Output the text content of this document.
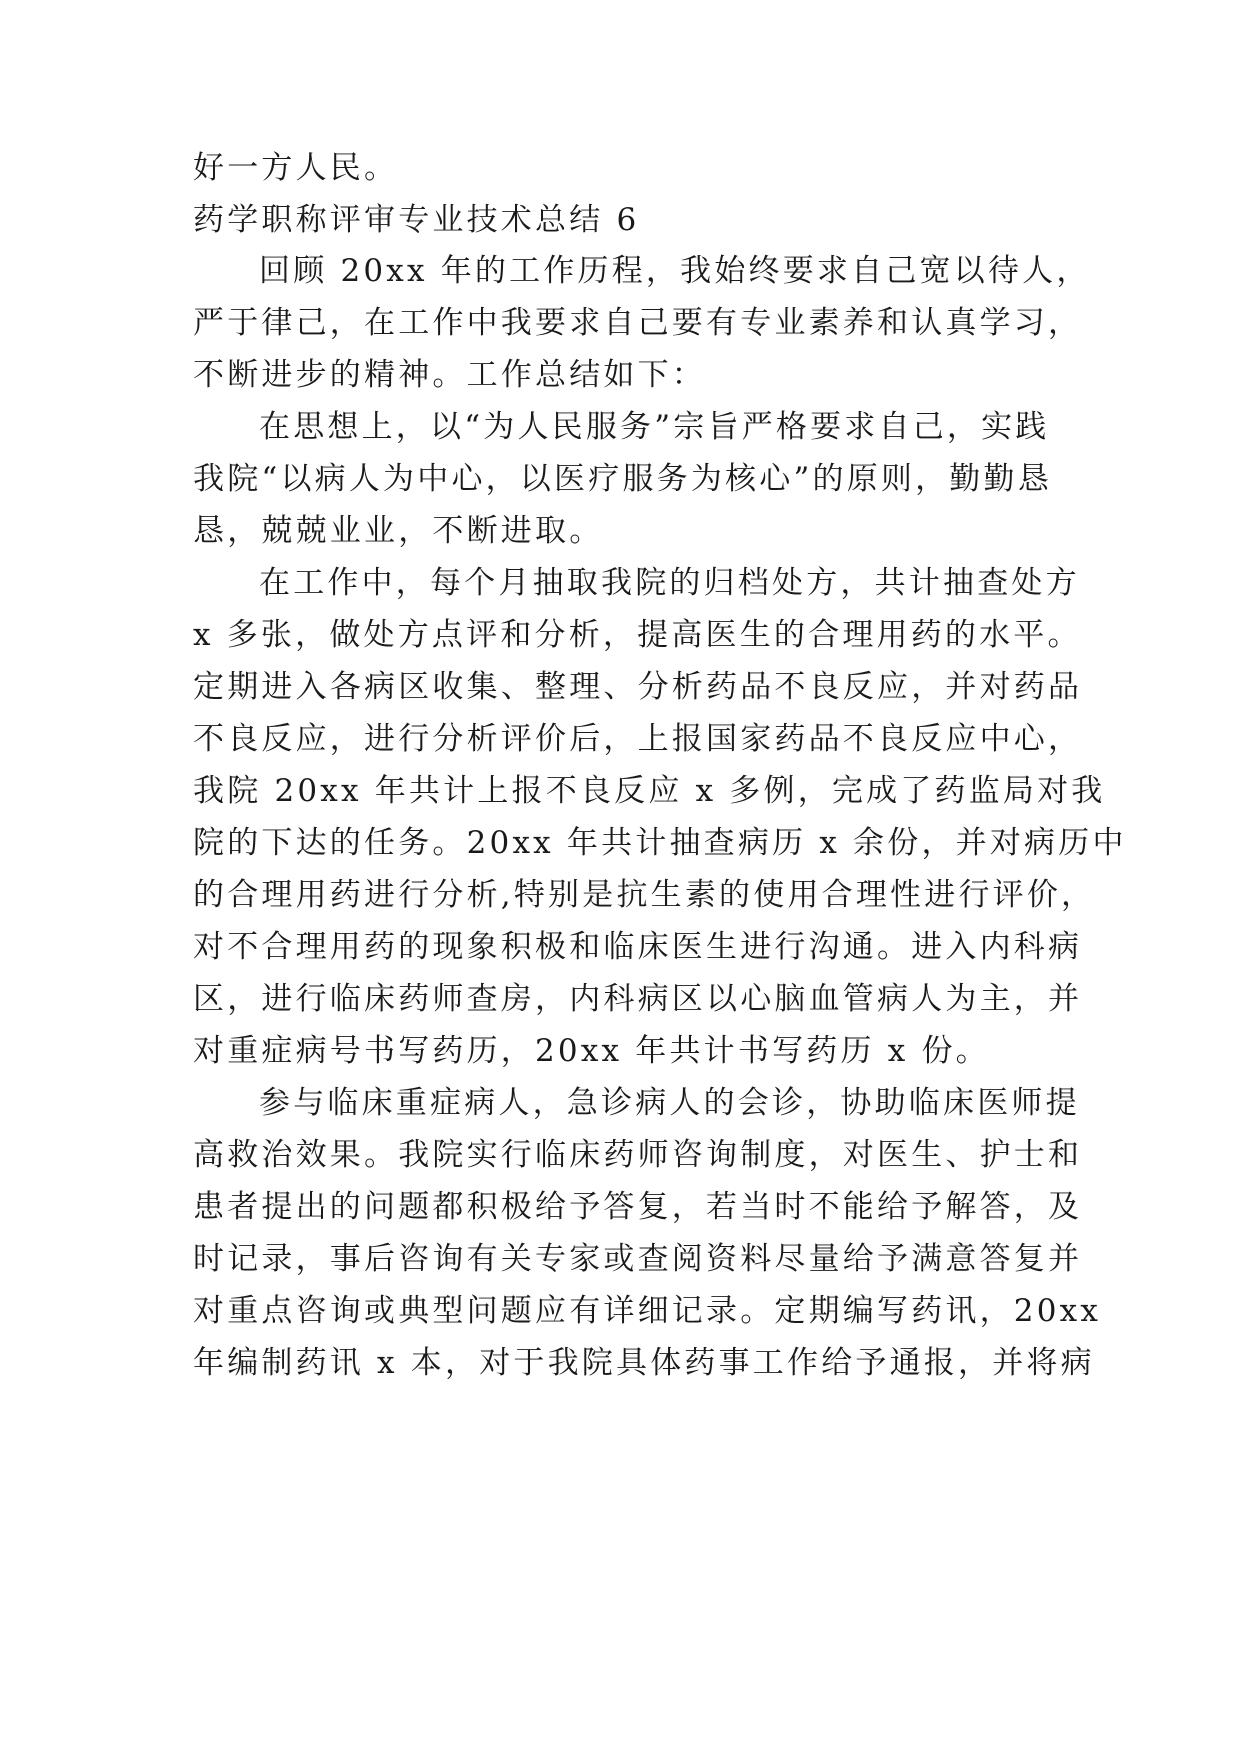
好一方人民。

药学职称评审专业技术总结 6

回顾 20xx 年的工作历程，我始终要求自己宽以待人，

严于律己，在工作中我要求自己要有专业素养和认真学习，

不断进步的精神。工作总结如下：

在思想上，以“为人民服务”宗旨严格要求自己，实践

我院“以病人为中心，以医疗服务为核心”的原则，勤勤恳

恳，兢兢业业，不断进取。

在工作中，每个月抽取我院的归档处方，共计抽查处方

x 多张，做处方点评和分析，提高医生的合理用药的水平。

定期进入各病区收集、整理、分析药品不良反应，并对药品

不良反应，进行分析评价后，上报国家药品不良反应中心，

我院 20xx 年共计上报不良反应 x 多例，完成了药监局对我

院的下达的任务。20xx 年共计抽查病历 x 余份，并对病历中

的合理用药进行分析,特别是抗生素的使用合理性进行评价，

对不合理用药的现象积极和临床医生进行沟通。进入内科病

区，进行临床药师查房，内科病区以心脑血管病人为主，并

对重症病号书写药历，20xx 年共计书写药历 x 份。

参与临床重症病人，急诊病人的会诊，协助临床医师提

高救治效果。我院实行临床药师咨询制度，对医生、护士和

患者提出的问题都积极给予答复，若当时不能给予解答，及

时记录，事后咨询有关专家或查阅资料尽量给予满意答复并

对重点咨询或典型问题应有详细记录。定期编写药讯，20xx

年编制药讯 x 本，对于我院具体药事工作给予通报，并将病
